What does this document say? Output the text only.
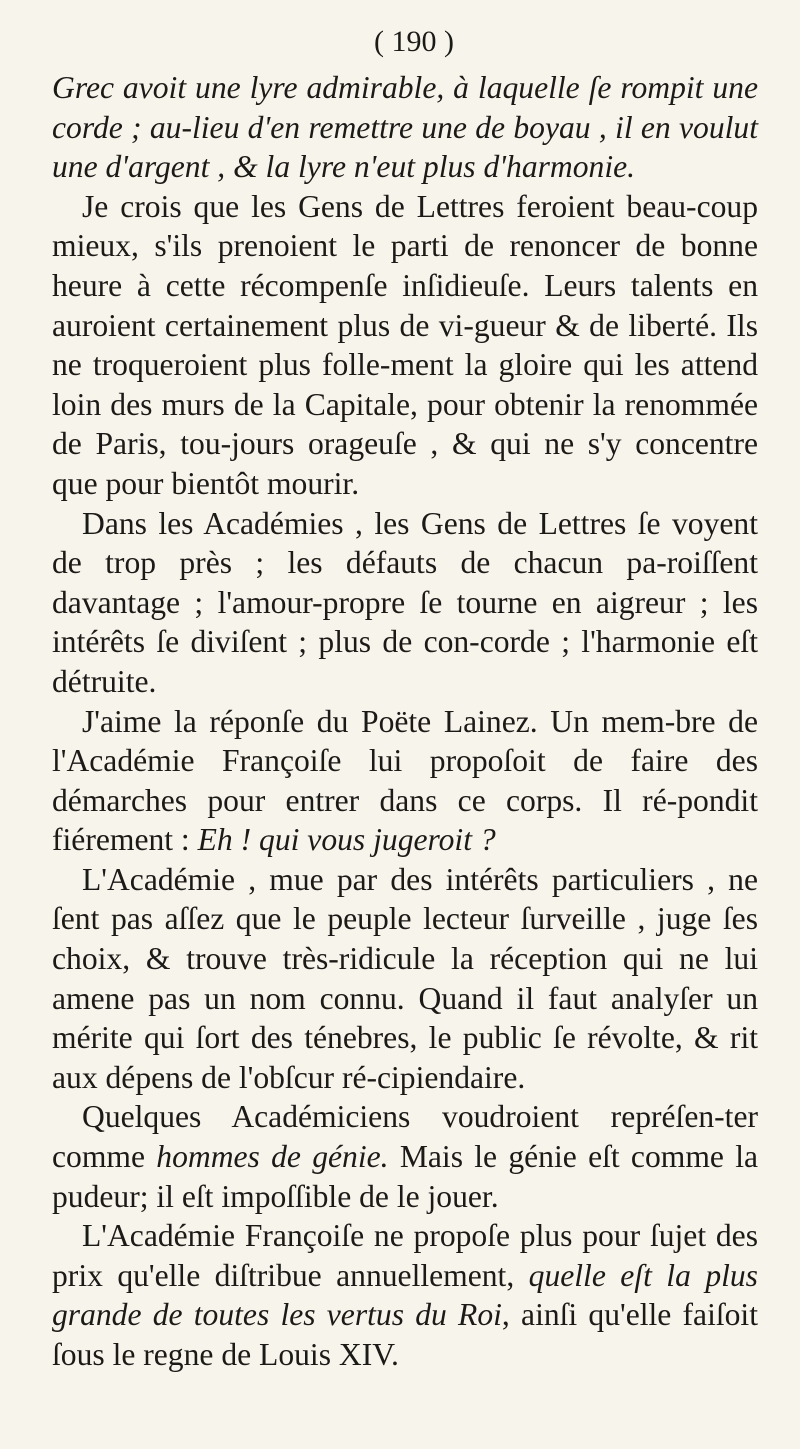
( 190 )

Grec avoit une lyre admirable, à laquelle ſe rompit une corde ; au-lieu d'en remettre une de boyau , il en voulut une d'argent , & la lyre n'eut plus d'harmonie.

Je crois que les Gens de Lettres feroient beau-coup mieux, s'ils prenoient le parti de renoncer de bonne heure à cette récompenſe inſidieuſe. Leurs talents en auroient certainement plus de vi-gueur & de liberté. Ils ne troqueroient plus folle-ment la gloire qui les attend loin des murs de la Capitale, pour obtenir la renommée de Paris, tou-jours orageuſe , & qui ne s'y concentre que pour bientôt mourir.

Dans les Académies , les Gens de Lettres ſe voyent de trop près ; les défauts de chacun pa-roiſſent davantage ; l'amour-propre ſe tourne en aigreur ; les intérêts ſe diviſent ; plus de con-corde ; l'harmonie eſt détruite.

J'aime la réponſe du Poëte Lainez. Un mem-bre de l'Académie Françoiſe lui propoſoit de faire des démarches pour entrer dans ce corps. Il ré-pondit fiérement : Eh ! qui vous jugeroit ?

L'Académie , mue par des intérêts particuliers , ne ſent pas aſſez que le peuple lecteur ſurveille , juge ſes choix, & trouve très-ridicule la réception qui ne lui amene pas un nom connu. Quand il faut analyſer un mérite qui ſort des ténebres, le public ſe révolte, & rit aux dépens de l'obſcur ré-cipiendaire.

Quelques Académiciens voudroient repréſen-ter comme hommes de génie. Mais le génie eſt comme la pudeur; il eſt impoſſible de le jouer.

L'Académie Françoiſe ne propoſe plus pour ſujet des prix qu'elle diſtribue annuellement, quelle eſt la plus grande de toutes les vertus du Roi, ainſi qu'elle faiſoit ſous le regne de Louis XIV.
